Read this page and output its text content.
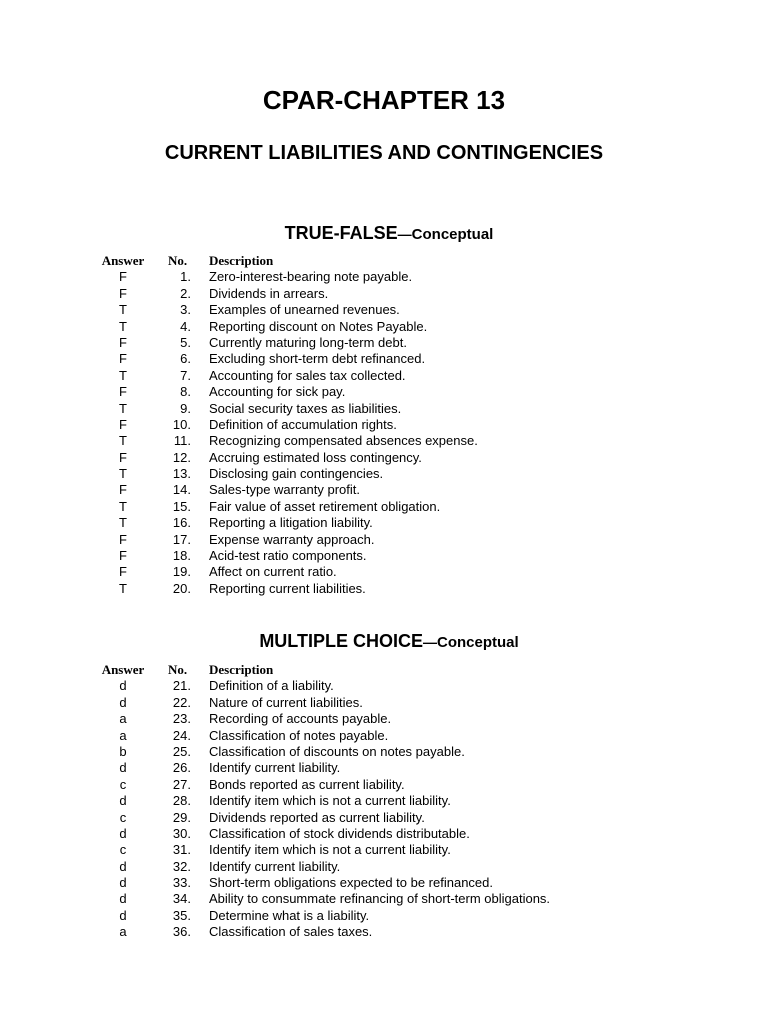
CPAR-CHAPTER 13
CURRENT LIABILITIES AND CONTINGENCIES
TRUE-FALSE—Conceptual
Answer	No.	Description
F	1. Zero-interest-bearing note payable.
F	2. Dividends in arrears.
T	3. Examples of unearned revenues.
T	4. Reporting discount on Notes Payable.
F	5. Currently maturing long-term debt.
F	6. Excluding short-term debt refinanced.
T	7. Accounting for sales tax collected.
F	8. Accounting for sick pay.
T	9. Social security taxes as liabilities.
F	10. Definition of accumulation rights.
T	11. Recognizing compensated absences expense.
F	12. Accruing estimated loss contingency.
T	13. Disclosing gain contingencies.
F	14. Sales-type warranty profit.
T	15. Fair value of asset retirement obligation.
T	16. Reporting a litigation liability.
F	17. Expense warranty approach.
F	18. Acid-test ratio components.
F	19. Affect on current ratio.
T	20. Reporting current liabilities.
MULTIPLE CHOICE—Conceptual
Answer	No.	Description
d	21. Definition of a liability.
d	22. Nature of current liabilities.
a	23. Recording of accounts payable.
a	24. Classification of notes payable.
b	25. Classification of discounts on notes payable.
d	26. Identify current liability.
c	27. Bonds reported as current liability.
d	28. Identify item which is not a current liability.
c	29. Dividends reported as current liability.
d	30. Classification of stock dividends distributable.
c	31. Identify item which is not a current liability.
d	32. Identify current liability.
d	33. Short-term obligations expected to be refinanced.
d	34. Ability to consummate refinancing of short-term obligations.
d	35. Determine what is a liability.
a	36. Classification of sales taxes.
